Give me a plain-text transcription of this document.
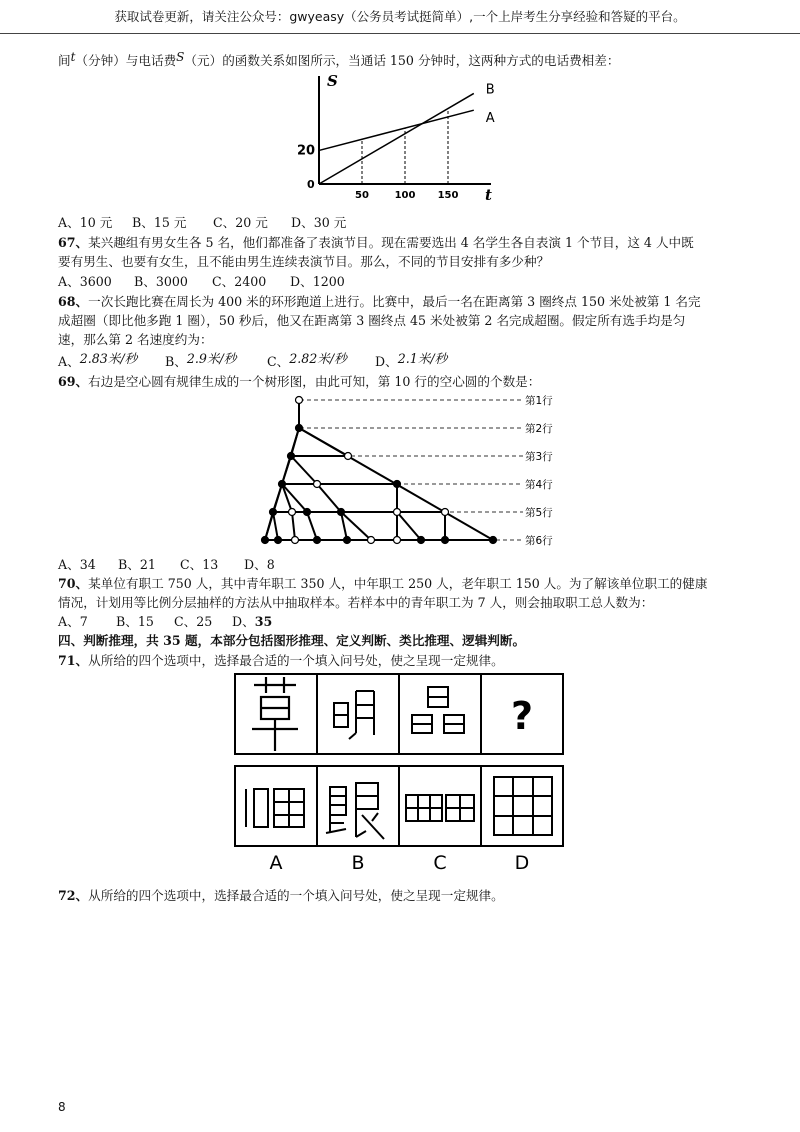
获取试卷更新，请关注公众号：gwyeasy（公务员考试挺简单）,一个上岸考生分享经验和答疑的平台。
间t（分钟）与电话费S（元）的函数关系如图所示，当通话 150 分钟时，这两种方式的电话费相差：
S
t
0
20
50	100 150
A
B
A、10 元 B、15 元 C、20 元 D、30 元
67、某兴趣组有男女生各 5 名，他们都准备了表演节目。现在需要选出 4 名学生各自表演 1 个节目，这 4 人中既
要有男生、也要有女生，且不能由男生连续表演节目。那么，不同的节目安排有多少种？
A、3600 B、3000 C、2400 D、1200
68、一次长跑比赛在周长为 400 米的环形跑道上进行。比赛中，最后一名在距离第 3 圈终点 150 米处被第 1 名完
成超圈（即比他多跑 1 圈），50 秒后，他又在距离第 3 圈终点 45 米处被第 2 名完成超圈。假定所有选手均是匀
速，那么第 2 名速度约为：
A、2.83米/秒 B、2.9米/秒 C、2.82米/秒 D、2.1米/秒
69、右边是空心圆有规律生成的一个树形图，由此可知，第 10 行的空心圆的个数是：
第1行
第2行
第3行
第4行
第5行
第6行
A、34 B、21 C、13 D、8
70、某单位有职工 750 人，其中青年职工 350 人，中年职工 250 人，老年职工 150 人。为了解该单位职工的健康
情况，计划用等比例分层抽样的方法从中抽取样本。若样本中的青年职工为 7 人，则会抽取职工总人数为：
A、7 B、15 C、25 D、35
四、判断推理，共 35 题，本部分包括图形推理、定义判断、类比推理、逻辑判断。
71、从所给的四个选项中，选择最合适的一个填入问号处，使之呈现一定规律。
?
A	B	C	D
72、从所给的四个选项中，选择最合适的一个填入问号处，使之呈现一定规律。
8
